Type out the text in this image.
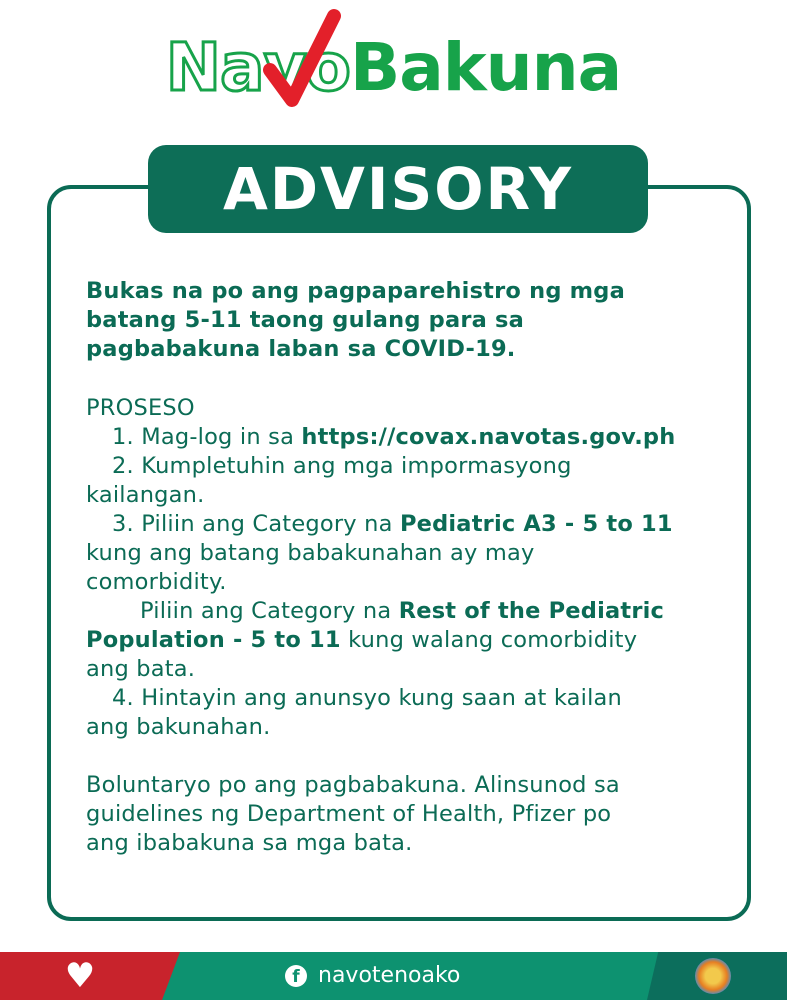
NavoBakuna
ADVISORY
Bukas na po ang pagpaparehistro ng mga
batang 5-11 taong gulang para sa
pagbabakuna laban sa COVID-19.
PROSESO
1. Mag-log in sa https://covax.navotas.gov.ph
2. Kumpletuhin ang mga impormasyong
kailangan.
3. Piliin ang Category na Pediatric A3 - 5 to 11
kung ang batang babakunahan ay may
comorbidity.
Piliin ang Category na Rest of the Pediatric
Population - 5 to 11 kung walang comorbidity
ang bata.
4. Hintayin ang anunsyo kung saan at kailan
ang bakunahan.
Boluntaryo po ang pagbabakuna. Alinsunod sa
guidelines ng Department of Health, Pfizer po
ang ibabakuna sa mga bata.
♥	f navotenoako
